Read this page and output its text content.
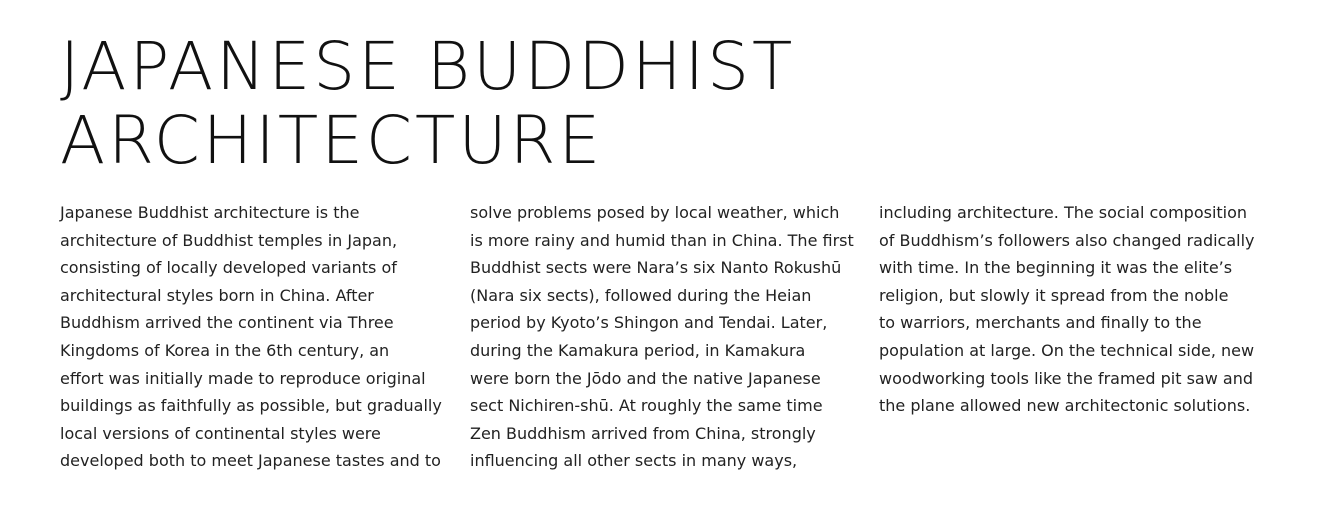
JAPANESE BUDDHIST
ARCHITECTURE
Japanese Buddhist architecture is the
architecture of Buddhist temples in Japan,
consisting of locally developed variants of
architectural styles born in China. After
Buddhism arrived the continent via Three
Kingdoms of Korea in the 6th century, an
effort was initially made to reproduce original
buildings as faithfully as possible, but gradually
local versions of continental styles were
developed both to meet Japanese tastes and to
solve problems posed by local weather, which
is more rainy and humid than in China. The first
Buddhist sects were Nara’s six Nanto Rokushū
(Nara six sects), followed during the Heian
period by Kyoto’s Shingon and Tendai. Later,
during the Kamakura period, in Kamakura
were born the Jōdo and the native Japanese
sect Nichiren-shū. At roughly the same time
Zen Buddhism arrived from China, strongly
influencing all other sects in many ways,
including architecture. The social composition
of Buddhism’s followers also changed radically
with time. In the beginning it was the elite’s
religion, but slowly it spread from the noble
to warriors, merchants and finally to the
population at large. On the technical side, new
woodworking tools like the framed pit saw and
the plane allowed new architectonic solutions.
